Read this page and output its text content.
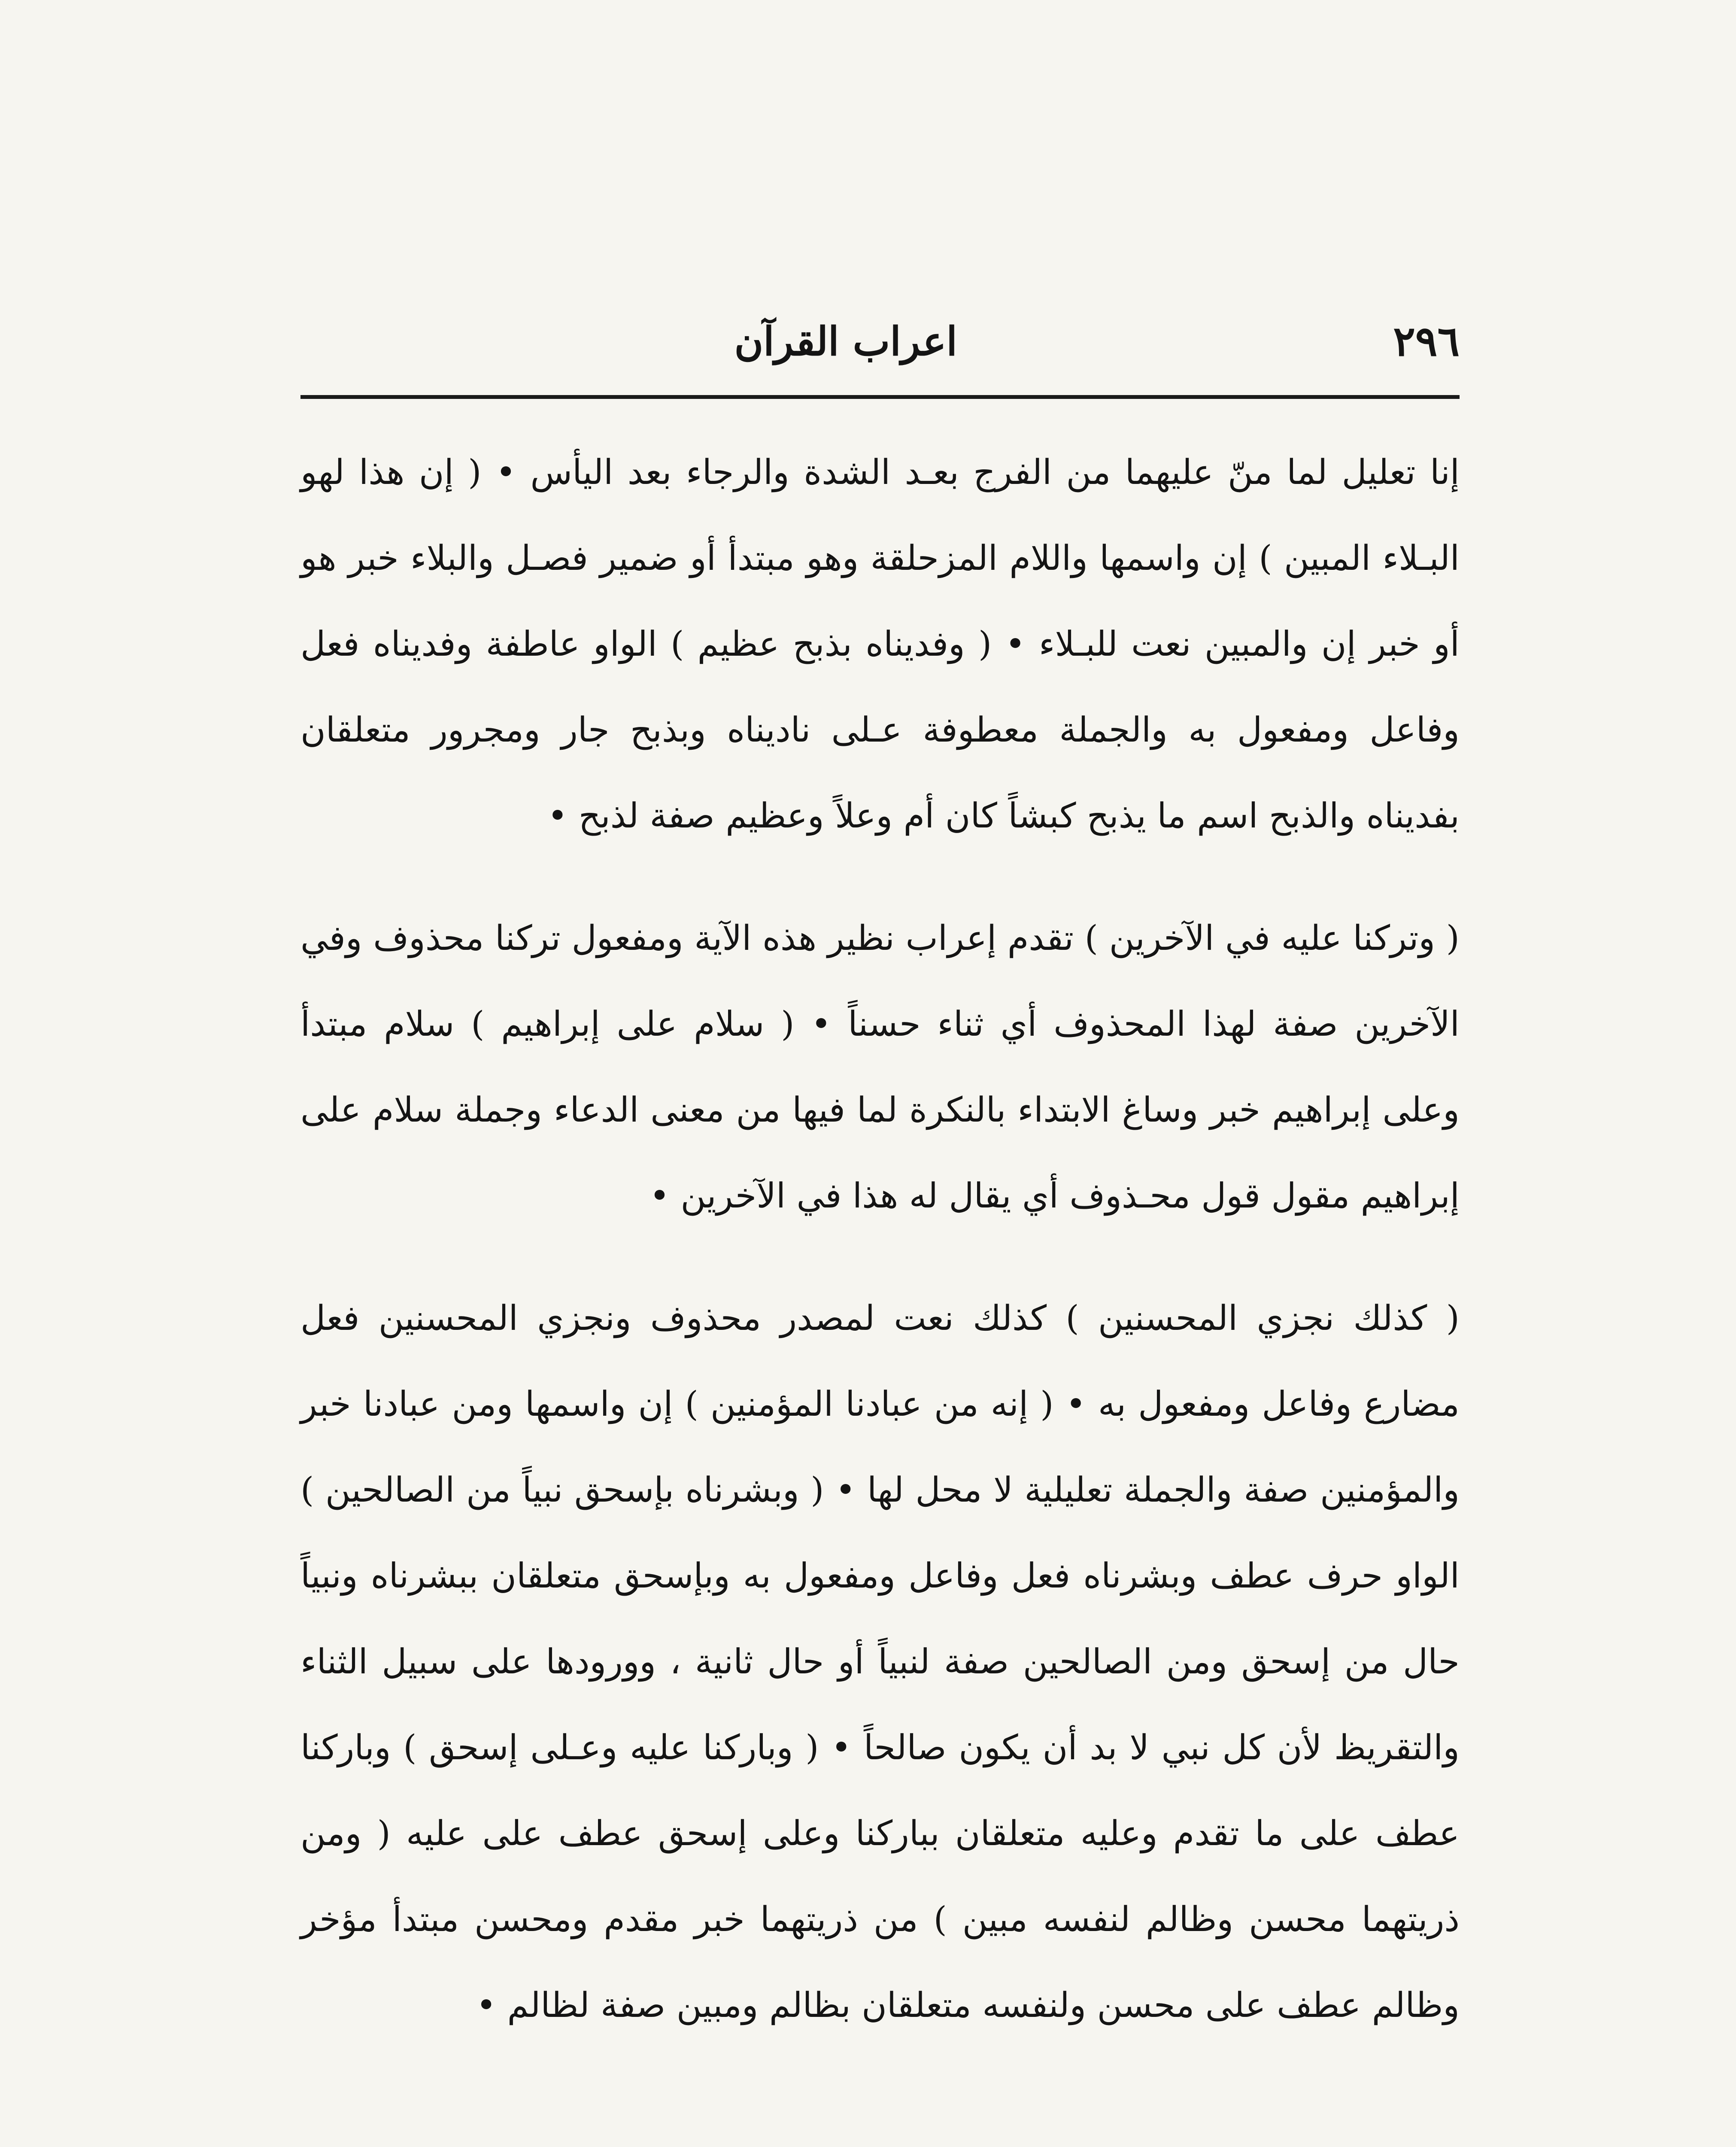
٢٩٦
اعراب القرآن

إنا تعليل لما منّ عليهما من الفرج بعـد الشدة والرجاء بعد اليأس • ( إن هذا لهو البـلاء المبين ) إن واسمها واللام المزحلقة وهو مبتدأ أو ضمير فصـل والبلاء خبر هو أو خبر إن والمبين نعت للبـلاء • ( وفديناه بذبح عظيم ) الواو عاطفة وفديناه فعل وفاعل ومفعول به والجملة معطوفة عـلى ناديناه وبذبح جار ومجرور متعلقان بفديناه والذبح اسم ما يذبح كبشاً كان أم وعلاً وعظيم صفة لذبح •

( وتركنا عليه في الآخرين ) تقدم إعراب نظير هذه الآية ومفعول تركنا محذوف وفي الآخرين صفة لهذا المحذوف أي ثناء حسناً • ( سلام على إبراهيم ) سلام مبتدأ وعلى إبراهيم خبر وساغ الابتداء بالنكرة لما فيها من معنى الدعاء وجملة سلام على إبراهيم مقول قول محـذوف أي يقال له هذا في الآخرين •

( كذلك نجزي المحسنين ) كذلك نعت لمصدر محذوف ونجزي المحسنين فعل مضارع وفاعل ومفعول به • ( إنه من عبادنا المؤمنين ) إن واسمها ومن عبادنا خبر والمؤمنين صفة والجملة تعليلية لا محل لها • ( وبشرناه بإسحق نبياً من الصالحين ) الواو حرف عطف وبشرناه فعل وفاعل ومفعول به وبإسحق متعلقان ببشرناه ونبياً حال من إسحق ومن الصالحين صفة لنبياً أو حال ثانية ، وورودها على سبيل الثناء والتقريظ لأن كل نبي لا بد أن يكون صالحاً • ( وباركنا عليه وعـلى إسحق ) وباركنا عطف على ما تقدم وعليه متعلقان بباركنا وعلى إسحق عطف على عليه ( ومن ذريتهما محسن وظالم لنفسه مبين ) من ذريتهما خبر مقدم ومحسن مبتدأ مؤخر وظالم عطف على محسن ولنفسه متعلقان بظالم ومبين صفة لظالم •
